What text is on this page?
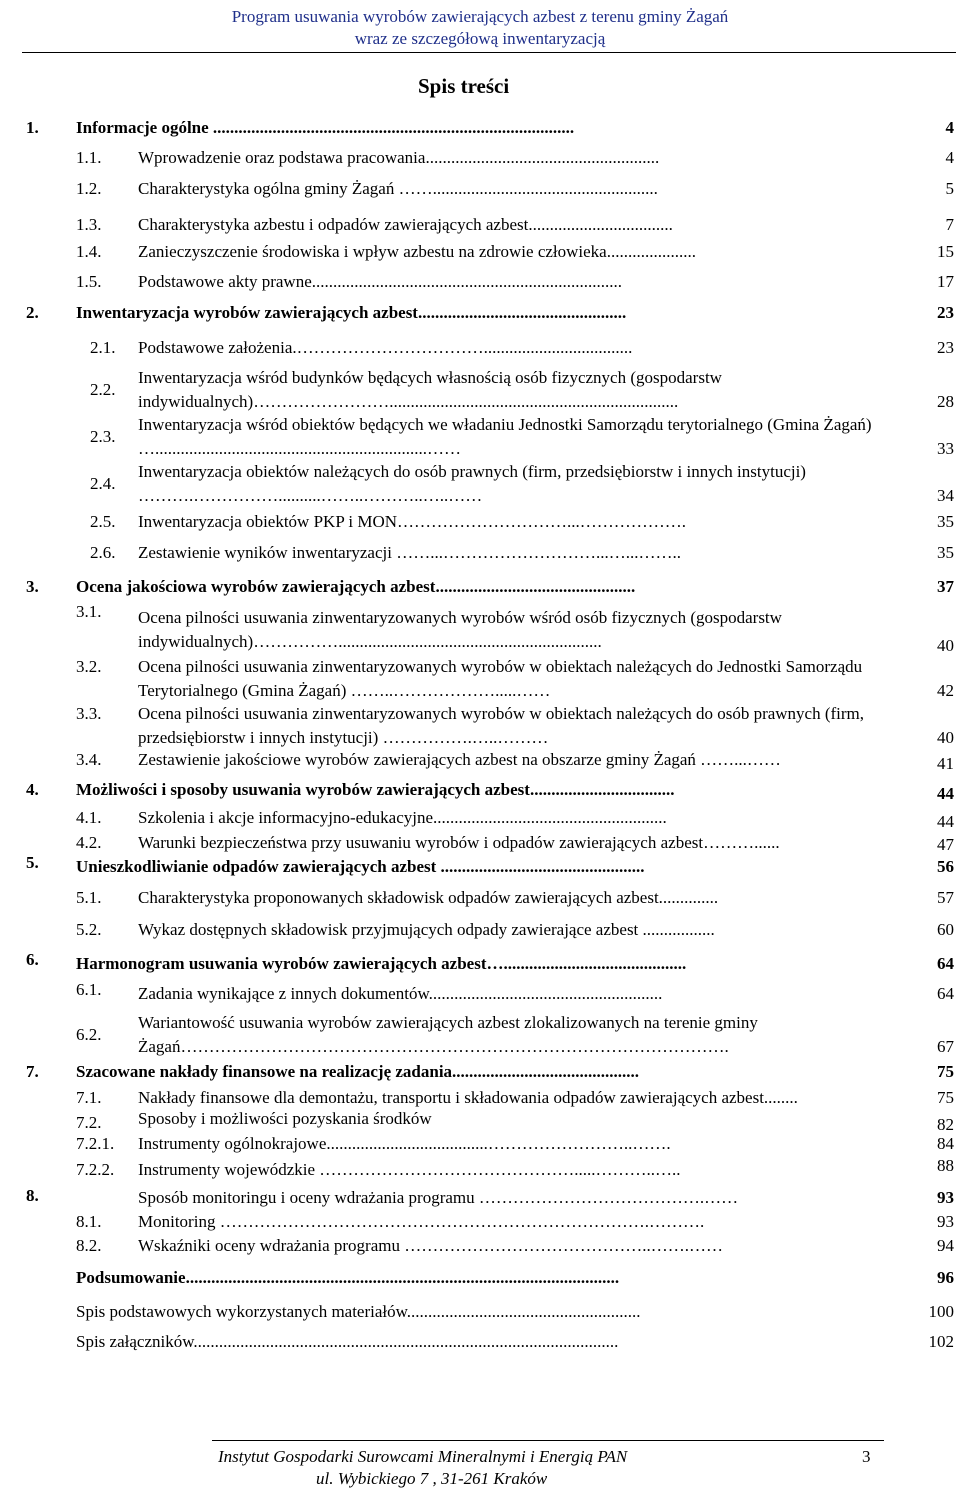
Program usuwania wyrobów zawierających azbest z terenu gminy Żagań
wraz ze szczegółową inwentaryzacją
Spis treści
1. Informacje ogólne .....................................................................................	4
1.1. Wprowadzenie oraz podstawa pracowania.......................................................	4
1.2. Charakterystyka ogólna gminy Żagań …….....................................................	5
1.3. Charakterystyka azbestu i odpadów zawierających azbest..................................	7
1.4. Zanieczyszczenie środowiska i wpływ azbestu na zdrowie człowieka.....................	15
1.5. Podstawowe akty prawne.........................................................................	17
2. Inwentaryzacja wyrobów zawierających azbest.................................................	23
2.1. Podstawowe założenia.……………………………...................................	23
2.2.
Inwentaryzacja wśród budynków będących własnością osób fizycznych (gospodarstw indywidualnych)……………………....................................................................	28
2.3.
Inwentaryzacja wśród obiektów będących we władaniu Jednostki Samorządu terytorialnego (Gmina Żagań) …................................................................……	33
2.4.
Inwentaryzacja obiektów należących do osób prawnych (firm, przedsiębiorstw i innych instytucji) ……….……………..........……..………..…..……	34
2.5. Inwentaryzacja obiektów PKP i MON…………………………...……………….	35
2.6. Zestawienie wyników inwentaryzacji ……...………………………...…...……..	35
3. Ocena jakościowa wyrobów zawierających azbest...............................................	37
3.1. Ocena pilności usuwania zinwentaryzowanych wyrobów wśród osób fizycznych (gospodarstw indywidualnych)……………..............................................................	40
3.2. Ocena pilności usuwania zinwentaryzowanych wyrobów w obiektach należących do Jednostki Samorządu Terytorialnego (Gmina Żagań) ……..……………….....……	42
3.3. Ocena pilności usuwania zinwentaryzowanych wyrobów w obiektach należących do osób prawnych (firm, przedsiębiorstw i innych instytucji) …………….…..………	40
3.4. Zestawienie jakościowe wyrobów zawierających azbest na obszarze gminy Żagań ……...……	41
4. Możliwości i sposoby usuwania wyrobów zawierających azbest..................................	44
4.1. Szkolenia i akcje informacyjno-edukacyjne.......................................................	44
4.2. Warunki bezpieczeństwa przy usuwaniu wyrobów i odpadów zawierających azbest………......	47
5. Unieszkodliwianie odpadów zawierających azbest ................................................	56
5.1. Charakterystyka proponowanych składowisk odpadów zawierających azbest..............	57
5.2. Wykaz dostępnych składowisk przyjmujących odpady zawierające azbest .................	60
6. Harmonogram usuwania wyrobów zawierających azbest…...........................................	64
6.1. Zadania wynikające z innych dokumentów.......................................................	64
6.2.
Wariantowość usuwania wyrobów zawierających azbest zlokalizowanych na terenie gminy Żagań…………………………………………………………………………………….	67
7. Szacowane nakłady finansowe na realizację zadania............................................	75
7.1. Nakłady finansowe dla demontażu, transportu i składowania odpadów zawierających azbest........	75
7.2. Sposoby i możliwości pozyskania środków	82
7.2.1. Instrumenty ogólnokrajowe......................................……………………..…….	84
7.2.2. Instrumenty wojewódzkie ……………………………………….....………..…..	88
8.	Sposób monitoringu i oceny wdrażania programu ………………………………….……	93
8.1. Monitoring ………………………………………………………………….……….	93
8.2. Wskaźniki oceny wdrażania programu ……………………………………..…….……	94
Podsumowanie......................................................................................................	96
Spis podstawowych wykorzystanych materiałów.......................................................	100
Spis załączników....................................................................................................	102
Instytut Gospodarki Surowcami Mineralnymi i Energią PAN
ul. Wybickiego 7 , 31-261 Kraków
3
